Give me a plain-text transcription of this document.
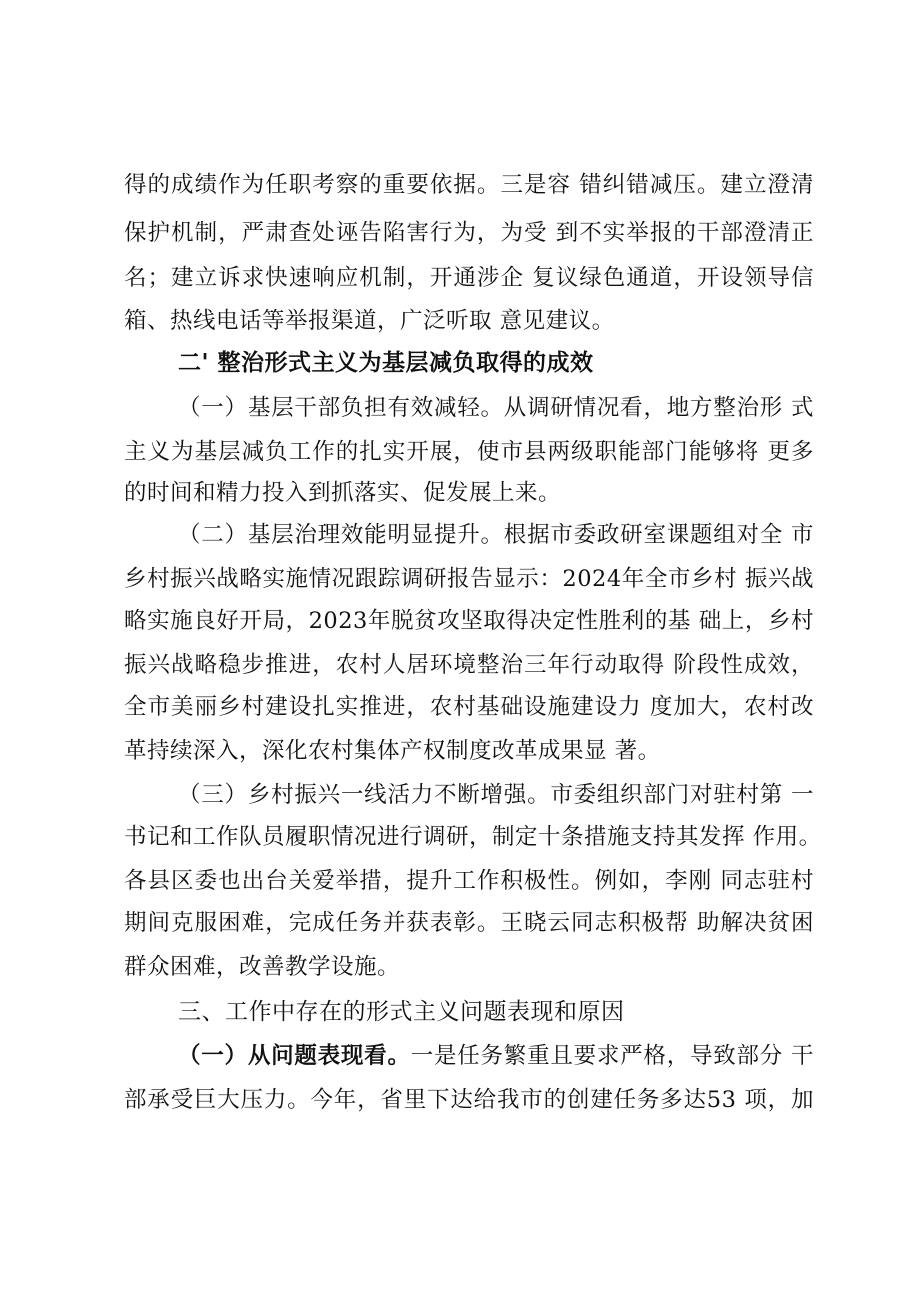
得的成绩作为任职考察的重要依据。三是容 错纠错减压。建立澄清
保护机制，严肃查处诬告陷害行为，为受 到不实举报的干部澄清正
名；建立诉求快速响应机制，开通涉企 复议绿色通道，开设领导信
箱、热线电话等举报渠道，广泛听取 意见建议。
二' 整治形式主义为基层减负取得的成效
（一）基层干部负担有效减轻。从调研情况看，地方整治形 式
主义为基层减负工作的扎实开展，使市县两级职能部门能够将 更多
的时间和精力投入到抓落实、促发展上来。
（二）基层治理效能明显提升。根据市委政研室课题组对全 市
乡村振兴战略实施情况跟踪调研报告显示：2024年全市乡村 振兴战
略实施良好开局，2023年脱贫攻坚取得决定性胜利的基 础上，乡村
振兴战略稳步推进，农村人居环境整治三年行动取得 阶段性成效，
全市美丽乡村建设扎实推进，农村基础设施建设力 度加大，农村改
革持续深入，深化农村集体产权制度改革成果显 著。
（三）乡村振兴一线活力不断增强。市委组织部门对驻村第 一
书记和工作队员履职情况进行调研，制定十条措施支持其发挥 作用。
各县区委也出台关爱举措，提升工作积极性。例如，李刚 同志驻村
期间克服困难，完成任务并获表彰。王晓云同志积极帮 助解决贫困
群众困难，改善教学设施。
三、工作中存在的形式主义问题表现和原因
（一）从问题表现看。一是任务繁重且要求严格，导致部分 干
部承受巨大压力。今年，省里下达给我市的创建任务多达53 项，加
